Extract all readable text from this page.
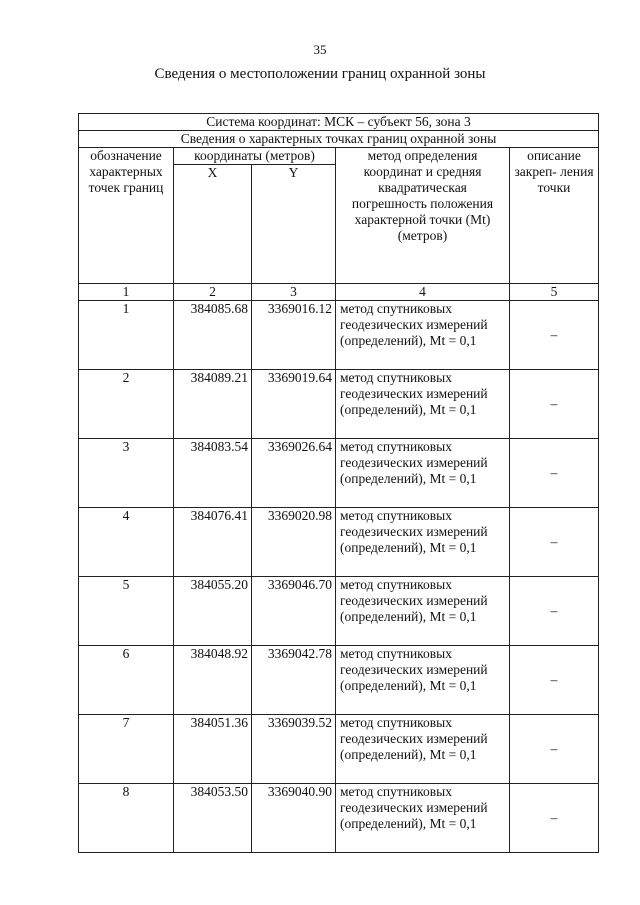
35
Сведения о местоположении границ охранной зоны
Система координат: МСК – субъект 56, зона 3				
Сведения о характерных точках границ охранной зоны				
обозначение характерных точек границ	координаты (метров)		метод определения координат и средняя квадратическая погрешность положения характерной точки (Mt) (метров)	описание закреп- ления точки
	X	Y		
1	2	3	4	5
1	384085.68	3369016.12	метод спутниковых геодезических измерений (определений), Mt = 0,1	–
2	384089.21	3369019.64	метод спутниковых геодезических измерений (определений), Mt = 0,1	–
3	384083.54	3369026.64	метод спутниковых геодезических измерений (определений), Mt = 0,1	–
4	384076.41	3369020.98	метод спутниковых геодезических измерений (определений), Mt = 0,1	–
5	384055.20	3369046.70	метод спутниковых геодезических измерений (определений), Mt = 0,1	–
6	384048.92	3369042.78	метод спутниковых геодезических измерений (определений), Mt = 0,1	–
7	384051.36	3369039.52	метод спутниковых геодезических измерений (определений), Mt = 0,1	–
8	384053.50	3369040.90	метод спутниковых геодезических измерений (определений), Mt = 0,1	–
